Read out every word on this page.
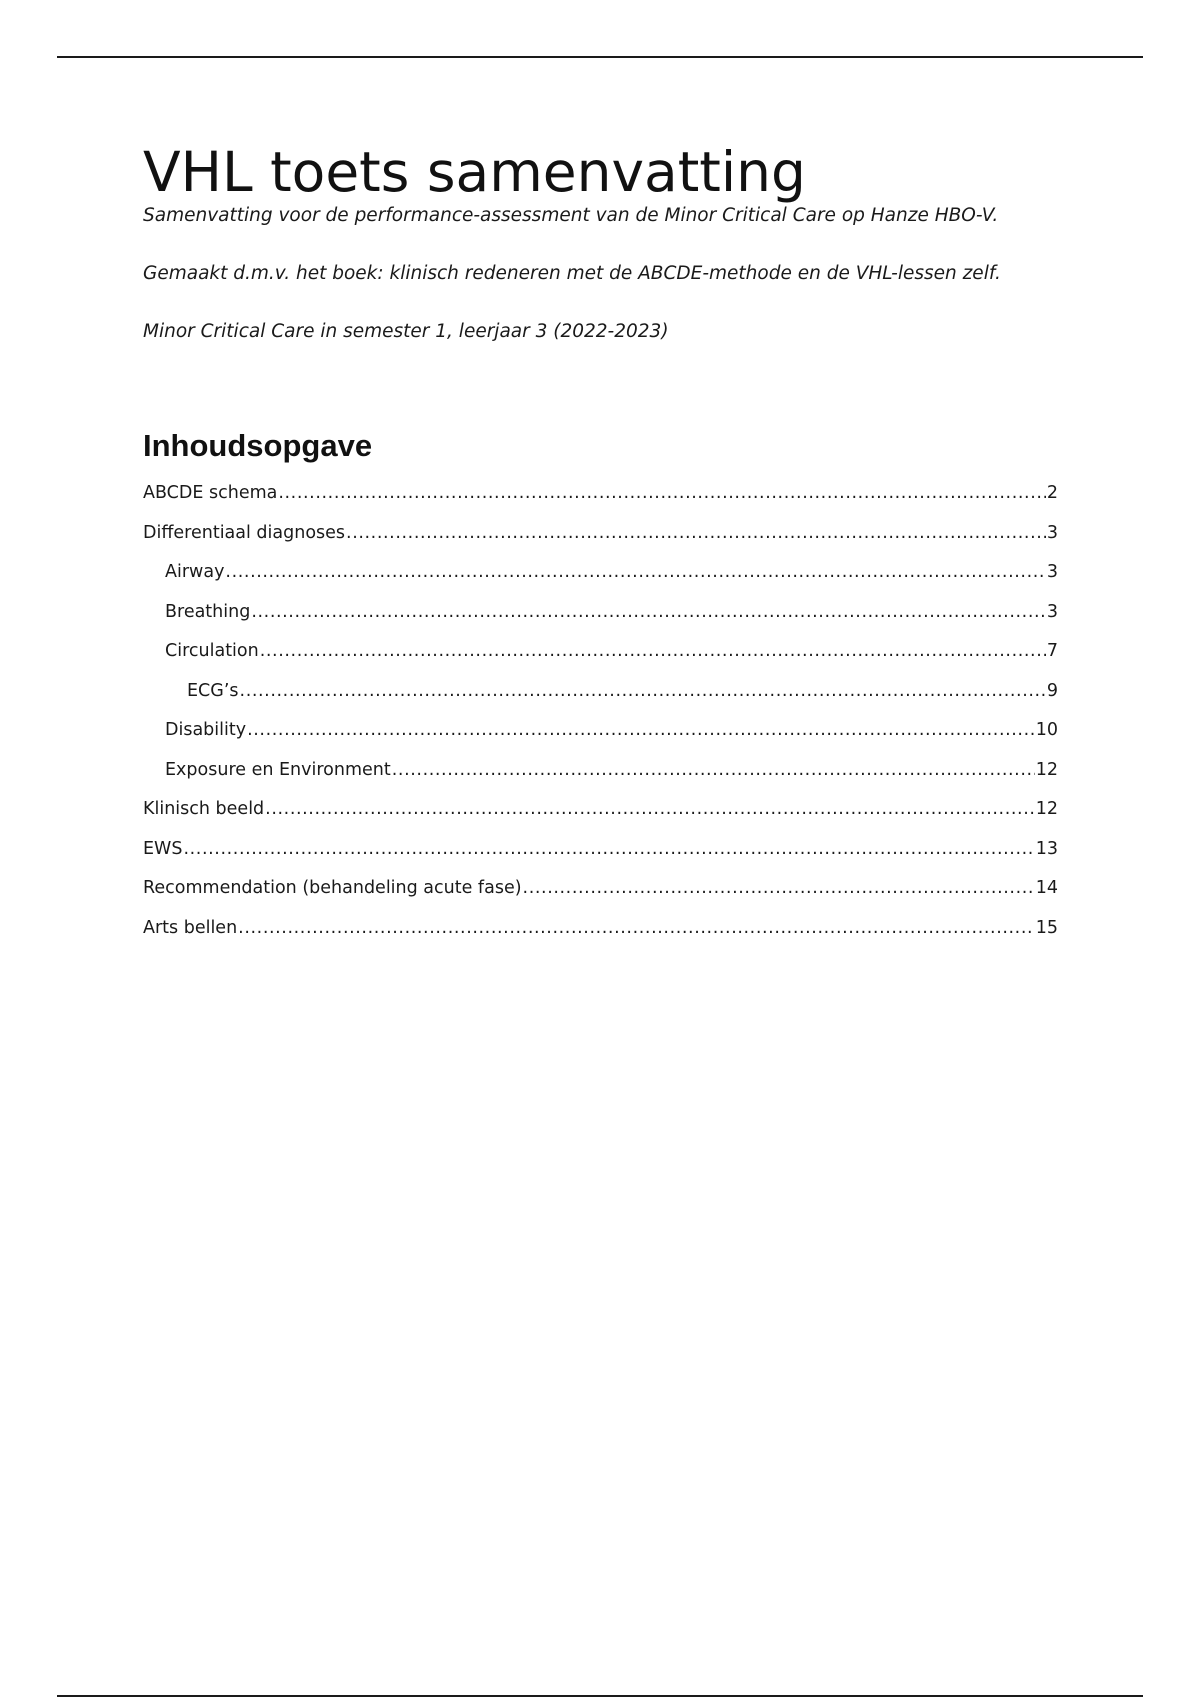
VHL toets samenvatting

Samenvatting voor de performance-assessment van de Minor Critical Care op Hanze HBO-V.

Gemaakt d.m.v. het boek: klinisch redeneren met de ABCDE-methode en de VHL-lessen zelf.

Minor Critical Care in semester 1, leerjaar 3 (2022-2023)

Inhoudsopgave
ABCDE schema .....	2
Differentiaal diagnoses .....	3
Airway .....	3
Breathing .....	3
Circulation .....	7
ECG’s .....	9
Disability .....	10
Exposure en Environment .....	12
Klinisch beeld .....	12
EWS .....	13
Recommendation (behandeling acute fase) .....	14
Arts bellen .....	15
